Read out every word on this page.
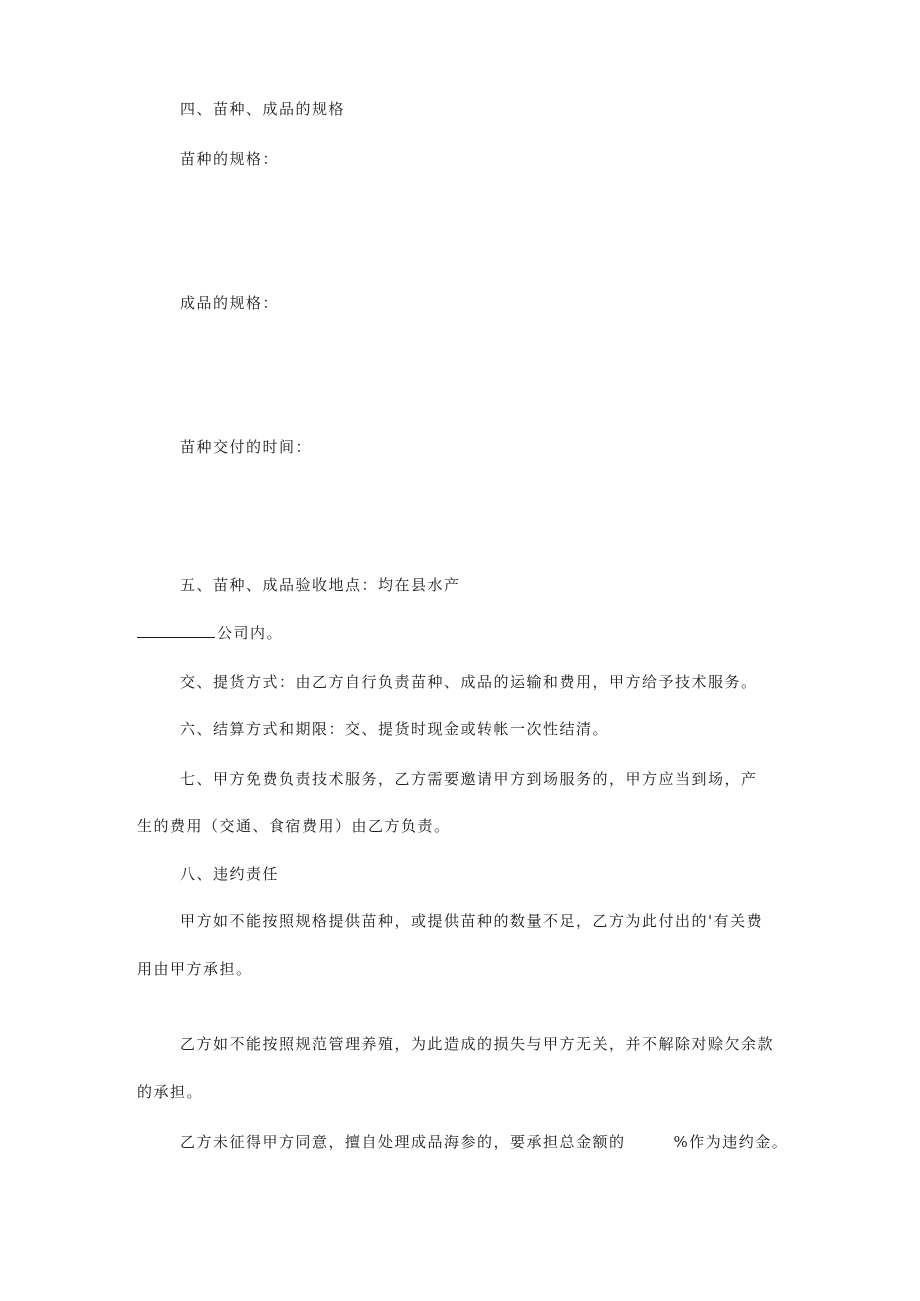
四、苗种、成品的规格
苗种的规格：
成品的规格：
苗种交付的时间：
五、苗种、成品验收地点：均在县水产
公司内。
交、提货方式：由乙方自行负责苗种、成品的运输和费用，甲方给予技术服务。
六、结算方式和期限：交、提货时现金或转帐一次性结清。
七、甲方免费负责技术服务，乙方需要邀请甲方到场服务的，甲方应当到场，产
生的费用（交通、食宿费用）由乙方负责。
八、违约责任
甲方如不能按照规格提供苗种，或提供苗种的数量不足，乙方为此付出的'有关费
用由甲方承担。
乙方如不能按照规范管理养殖，为此造成的损失与甲方无关，并不解除对赊欠余款
的承担。
乙方未征得甲方同意，擅自处理成品海参的，要承担总金额的	%作为违约金。
